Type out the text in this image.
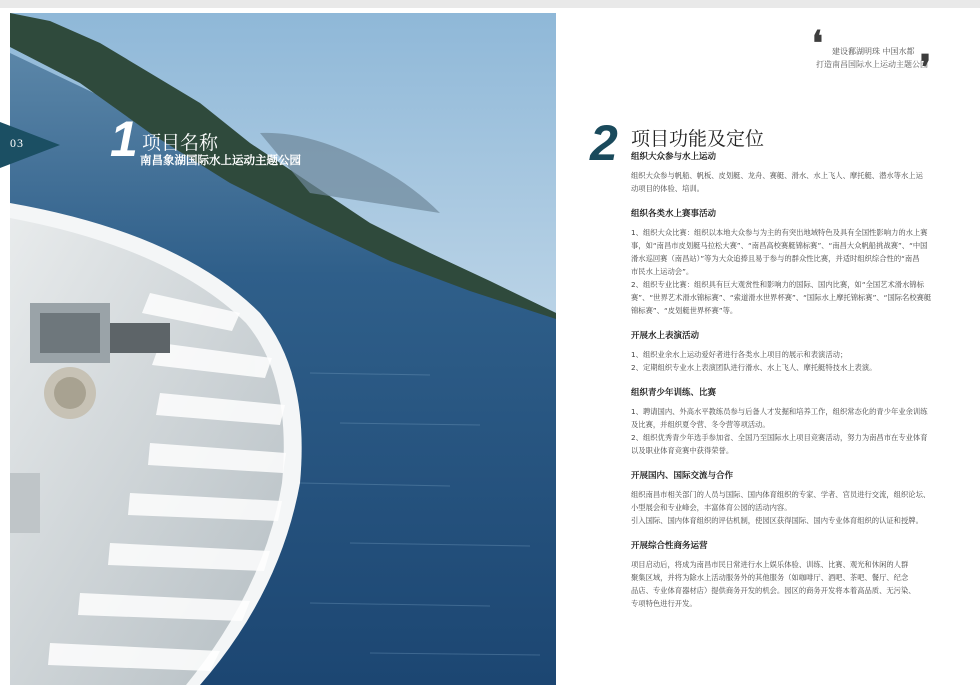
03 1 项目名称
南昌象湖国际水上运动主题公园
❛ 建设鄱湖明珠 中国水都
打造南昌国际水上运动主题公园
❜
2 项目功能及定位
组织大众参与水上运动

组织大众参与帆船、帆板、皮划艇、龙舟、赛艇、滑水、水上飞人、摩托艇、潜水等水上运

动项目的体验、培训。

组织各类水上赛事活动

1、组织大众比赛：组织以本地大众参与为主的有突出地域特色及具有全国性影响力的水上赛

事，如“南昌市皮划艇马拉松大赛”、“南昌高校赛艇锦标赛”、“南昌大众帆船挑战赛”、“中国

滑水巡回赛（南昌站）”等为大众追捧且易于参与的群众性比赛，并适时组织综合性的“南昌

市民水上运动会”。

2、组织专业比赛：组织具有巨大观赏性和影响力的国际、国内比赛，如“全国艺术滑水锦标

赛”、“世界艺术滑水锦标赛”、“索道滑水世界杯赛”、“国际水上摩托锦标赛”、“国际名校赛艇

锦标赛”、“皮划艇世界杯赛”等。

开展水上表演活动

1、组织业余水上运动爱好者进行各类水上项目的展示和表演活动；

2、定期组织专业水上表演团队进行滑水、水上飞人、摩托艇特技水上表演。

组织青少年训练、比赛

1、聘请国内、外高水平教练员参与后备人才发掘和培养工作，组织常态化的青少年业余训练

及比赛，并组织夏令营、冬令营等项活动。

2、组织优秀青少年选手参加省、全国乃至国际水上项目竞赛活动，努力为南昌市在专业体育

以及职业体育竞赛中获得荣誉。

开展国内、国际交流与合作

组织南昌市相关部门的人员与国际、国内体育组织的专家、学者、官员进行交流，组织论坛、

小型展会和专业峰会，丰富体育公园的活动内容。

引入国际、国内体育组织的评估机制，使园区获得国际、国内专业体育组织的认证和授牌。

开展综合性商务运营

项目启动后，将成为南昌市民日常进行水上娱乐体验、训练、比赛、观光和休闲的人群

聚集区域，并将为除水上活动服务外的其他服务（如咖啡厅、酒吧、茶吧、餐厅、纪念

品店、专业体育器材店）提供商务开发的机会。园区的商务开发将本着高品质、无污染、

专项特色进行开发。
